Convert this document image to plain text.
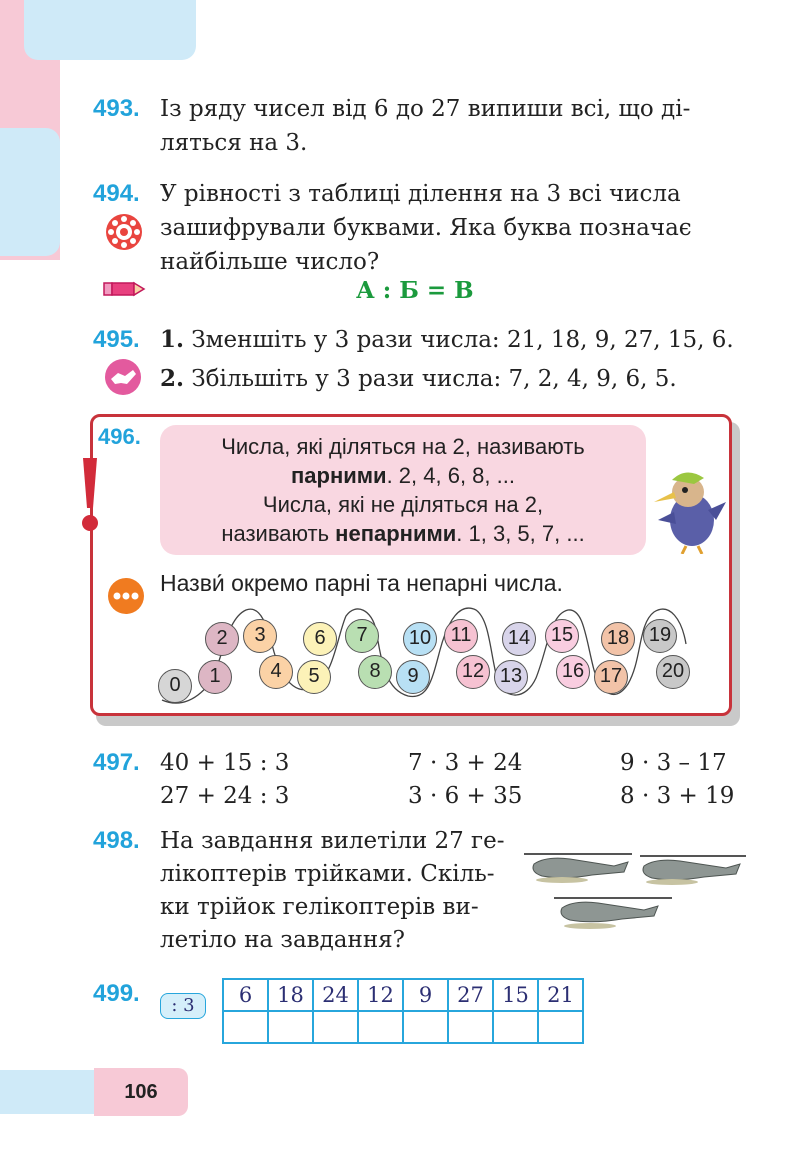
493. Із ряду чисел від 6 до 27 випиши всі, що ді-
ляться на 3.
494. У рівності з таблиці ділення на 3 всі числа
зашифрували буквами. Яка буква позначає
найбільше число?
А : Б = В
495. 1. Зменшіть у 3 рази числа: 21, 18, 9, 27, 15, 6.
2. Збільшіть у 3 рази числа: 7, 2, 4, 9, 6, 5.
496.	Числа, які діляться на 2, називають
парними. 2, 4, 6, 8, ...
Числа, які не діляться на 2,
називають непарними. 1, 3, 5, 7, ...
Назви́ окремо парні та непарні числа.
0	1
2	3
4	5
6	7
8	9
10 11
12 13
14 15
16 17
18 19
20
497. 40 + 15 : 3	7 · 3 + 24	9 · 3 – 17
27 + 24 : 3	3 · 6 + 35	8 · 3 + 19
498. На завдання вилетіли 27 ге-
лікоптерів трійками. Скіль-
ки трійок гелікоптерів ви-
летіло на завдання?
499.	: 3	6	18	24	12	9	27	15	21

106
